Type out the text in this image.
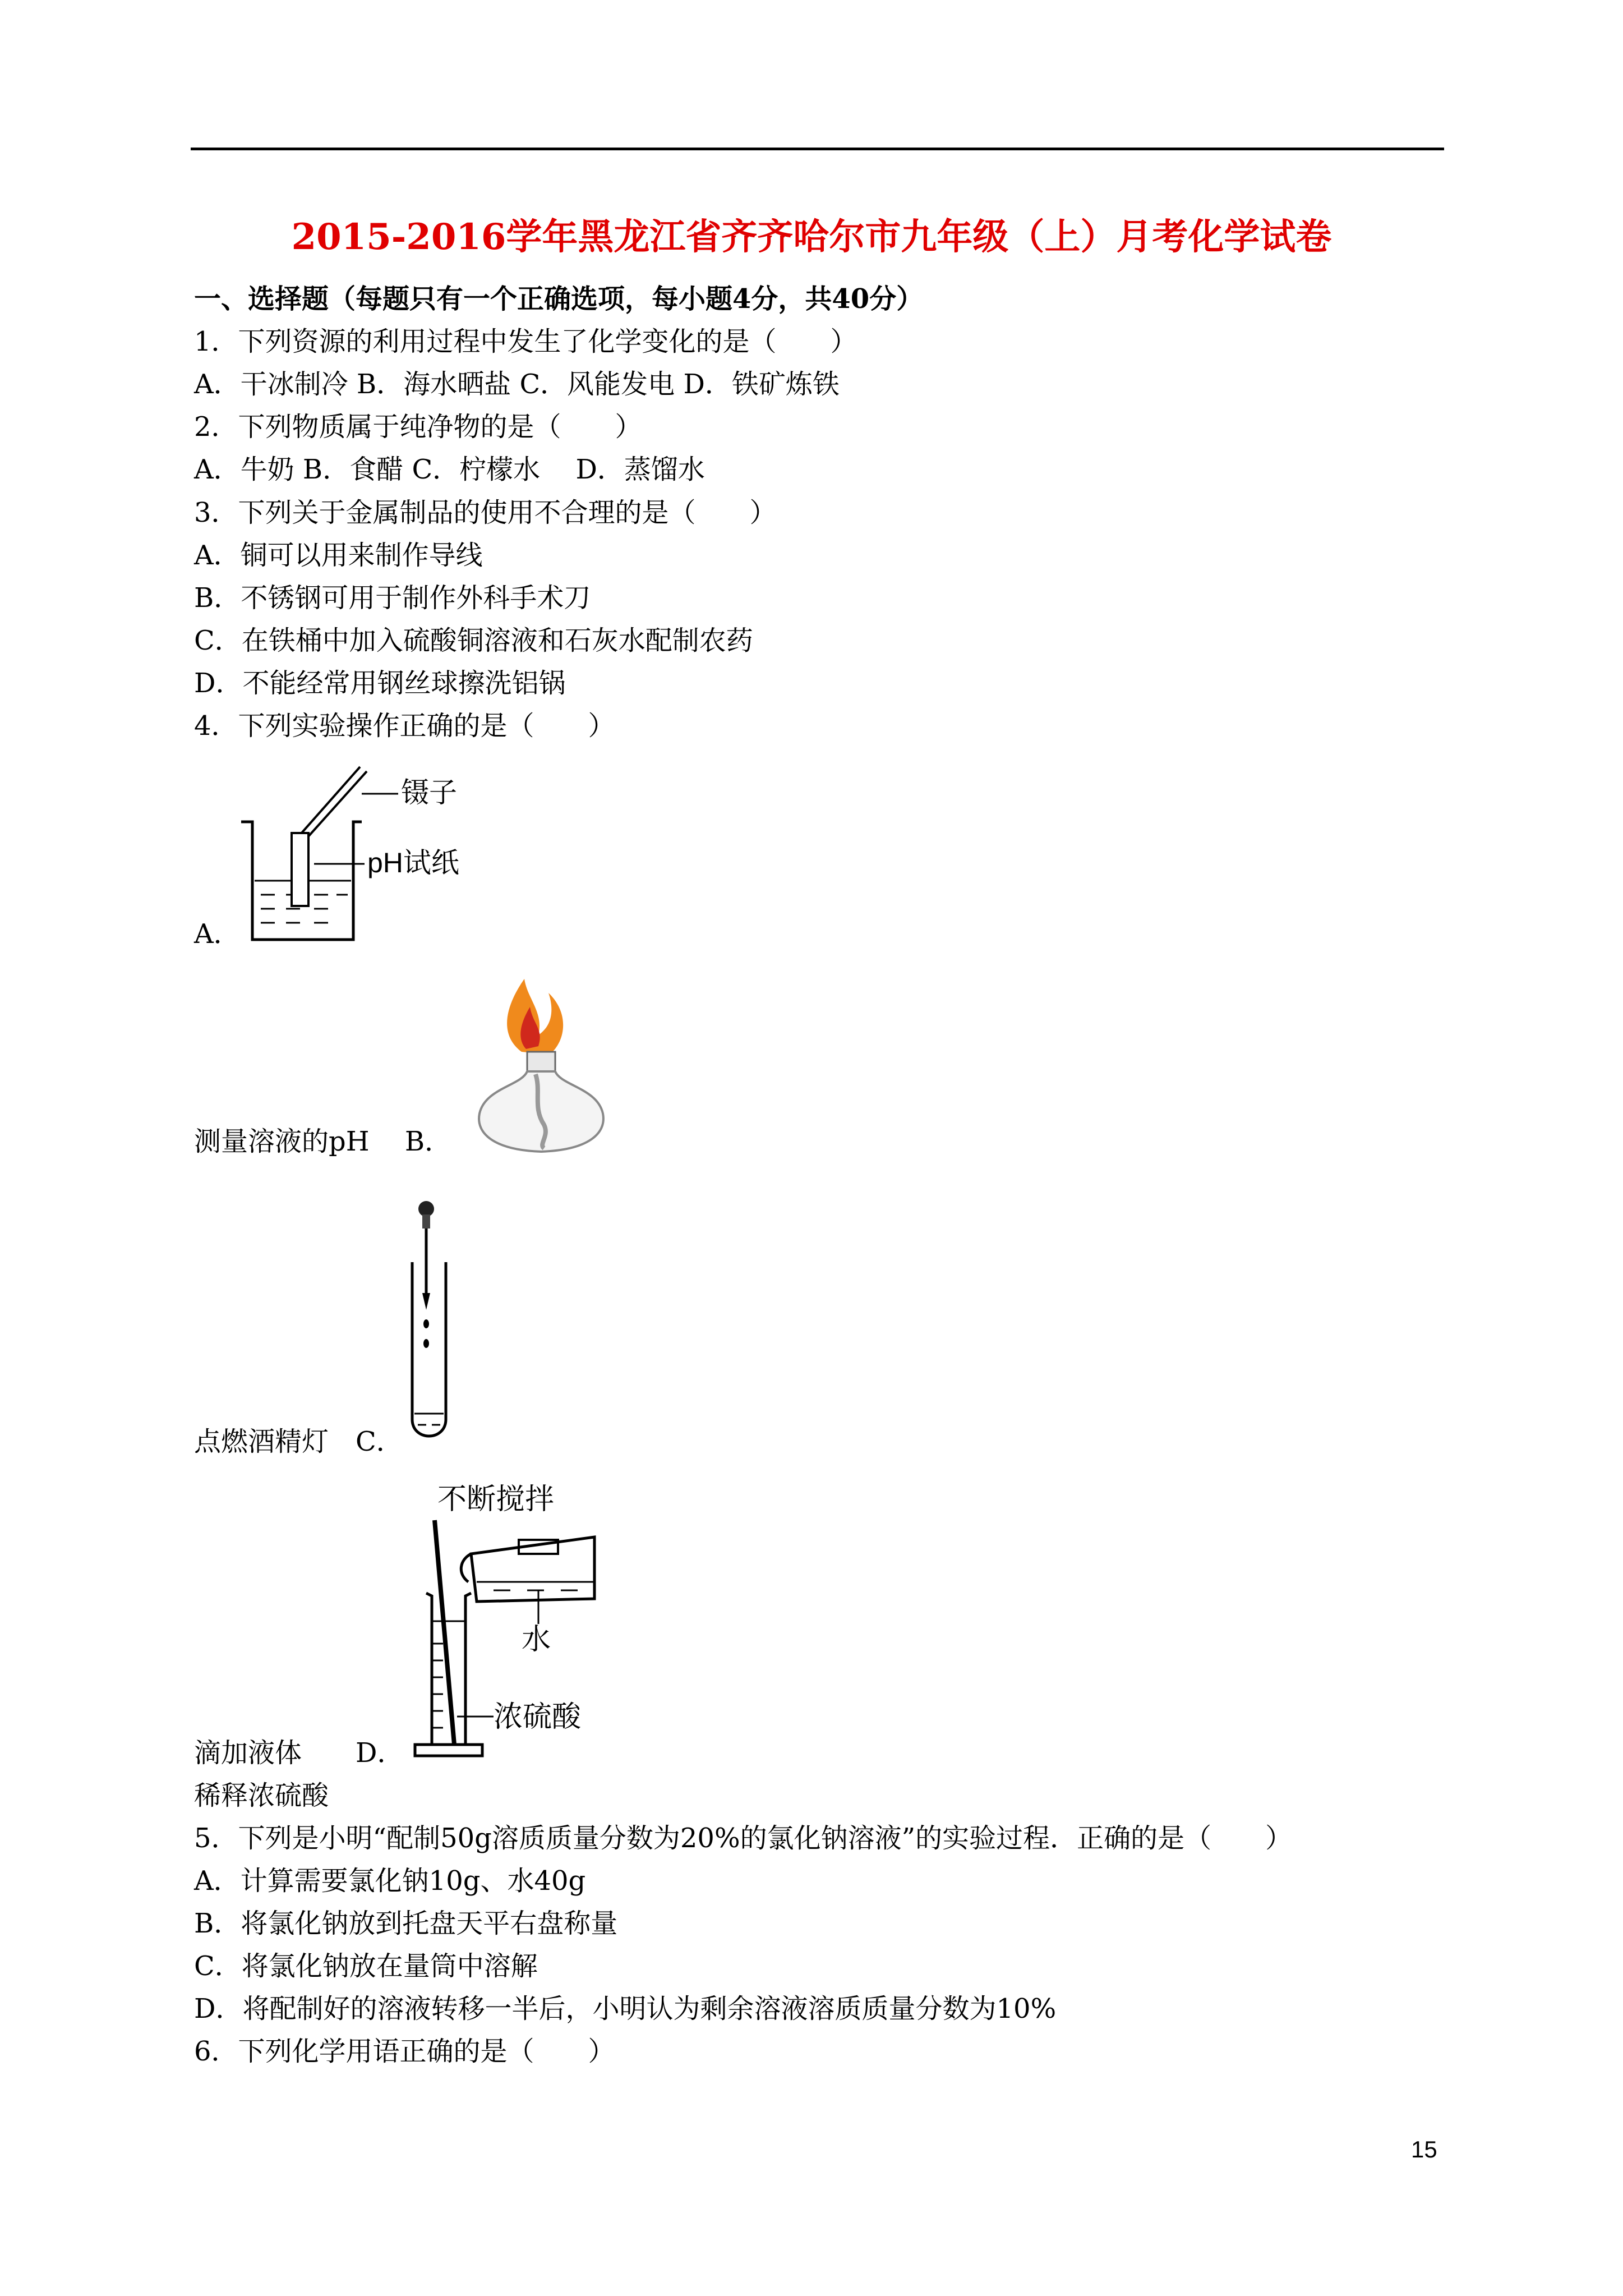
2015-2016学年黑龙江省齐齐哈尔市九年级（上）月考化学试卷
一、选择题（每题只有一个正确选项，每小题4分，共40分）
1．下列资源的利用过程中发生了化学变化的是（　　）
A．干冰制冷 B．海水晒盐 C．风能发电 D．铁矿炼铁
2．下列物质属于纯净物的是（　　）
A．牛奶 B．食醋 C．柠檬水　 D．蒸馏水
3．下列关于金属制品的使用不合理的是（　　）
A．铜可以用来制作导线
B．不锈钢可用于制作外科手术刀
C．在铁桶中加入硫酸铜溶液和石灰水配制农药
D．不能经常用钢丝球擦洗铝锅
4．下列实验操作正确的是（　　）
镊子
pH试纸
A．
测量溶液的pH　 B．
点燃酒精灯　C．
不断搅拌
水
浓硫酸
滴加液体　　D．
稀释浓硫酸
5．下列是小明“配制50g溶质质量分数为20%的氯化钠溶液”的实验过程．正确的是（　　）
A．计算需要氯化钠10g、水40g
B．将氯化钠放到托盘天平右盘称量
C．将氯化钠放在量筒中溶解
D．将配制好的溶液转移一半后，小明认为剩余溶液溶质质量分数为10%
6．下列化学用语正确的是（　　）
15
